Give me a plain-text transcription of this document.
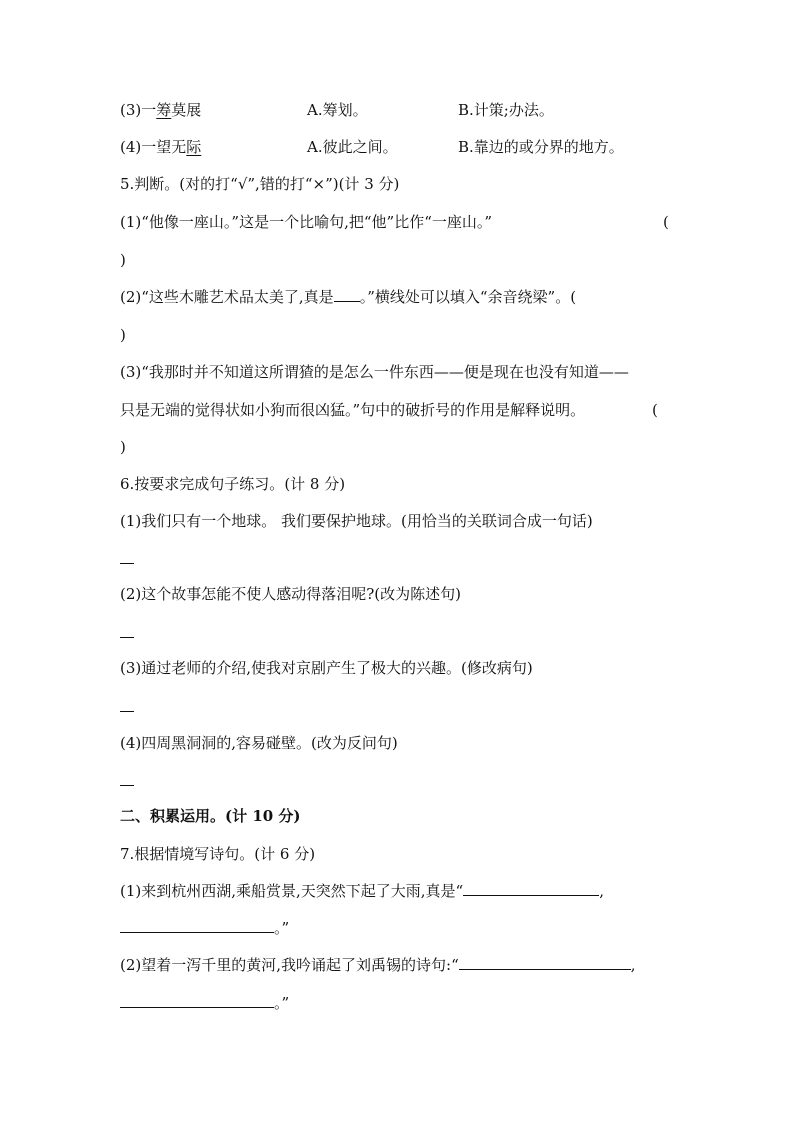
(3)一筹莫展	A.筹划。	B.计策;办法。
(4)一望无际	A.彼此之间。	B.靠边的或分界的地方。
5.判断。(对的打“√”,错的打“×”)(计 3 分)
(1)“他像一座山。”这是一个比喻句,把“他”比作“一座山。”	(
)
(2)“这些木雕艺术品太美了,真是 。”横线处可以填入“余音绕梁”。(
)
(3)“我那时并不知道这所谓猹的是怎么一件东西——便是现在也没有知道——
只是无端的觉得状如小狗而很凶猛。”句中的破折号的作用是解释说明。	(
)
6.按要求完成句子练习。(计 8 分)
(1)我们只有一个地球。 我们要保护地球。(用恰当的关联词合成一句话)
(2)这个故事怎能不使人感动得落泪呢?(改为陈述句)
(3)通过老师的介绍,使我对京剧产生了极大的兴趣。(修改病句)
(4)四周黑洞洞的,容易碰壁。(改为反问句)
二、积累运用。(计 10 分)
7.根据情境写诗句。(计 6 分)
(1)来到杭州西湖,乘船赏景,天突然下起了大雨,真是“	,
。”
(2)望着一泻千里的黄河,我吟诵起了刘禹锡的诗句:“	,
。”
